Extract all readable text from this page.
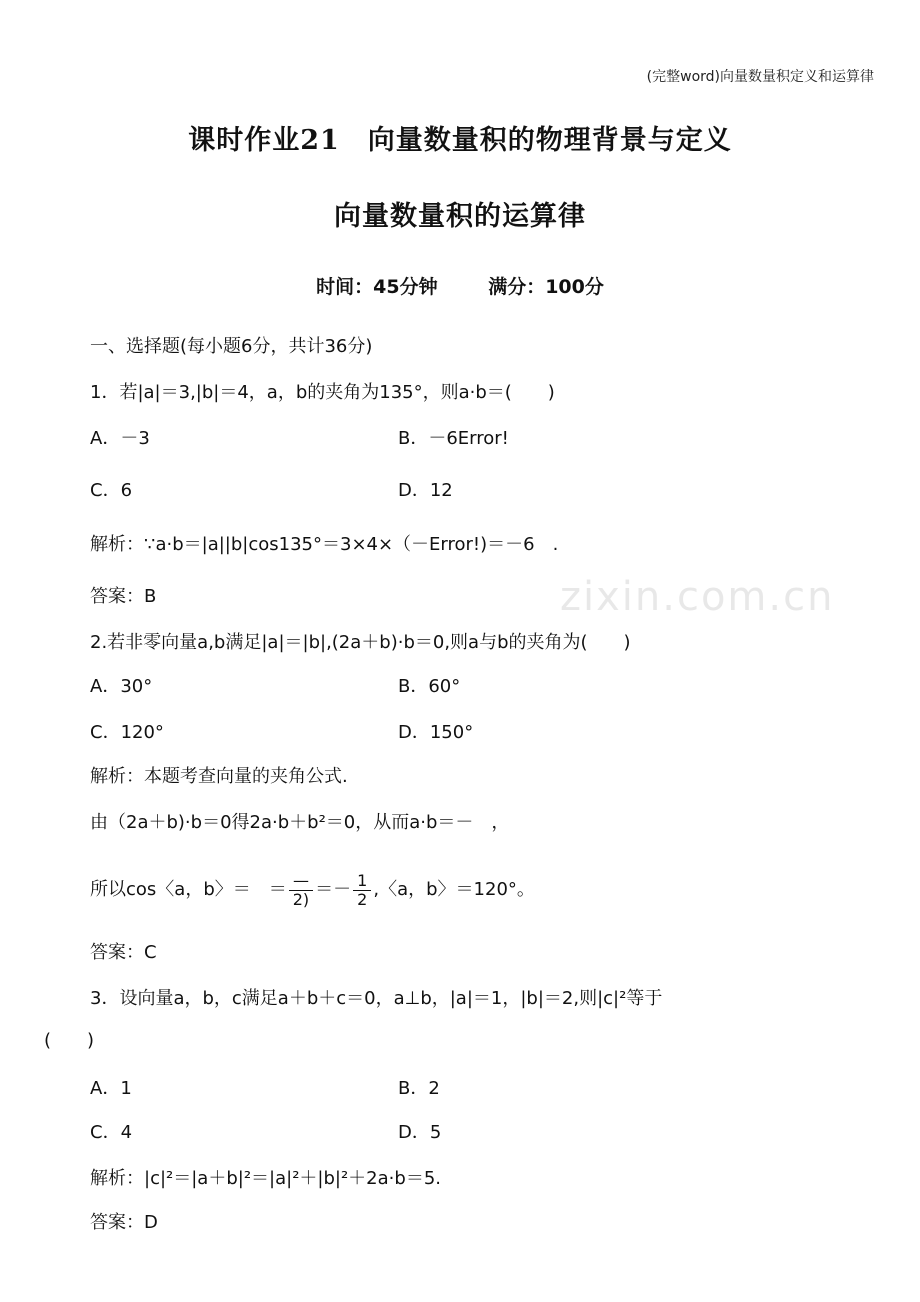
(完整word)向量数量积定义和运算律
课时作业21　向量数量积的物理背景与定义
向量数量积的运算律
时间：45分钟	满分：100分
zixin.com.cn
一、选择题(每小题6分，共计36分)
1．若|a|＝3,|b|＝4，a，b的夹角为135°，则a·b＝(　　)
A．－3	B．－6Error!
C．6	D．12
解析：∵a·b＝|a||b|cos135°＝3×4×（－Error!)＝－6　.
答案：B
2.若非零向量a,b满足|a|＝|b|,(2a＋b)·b＝0,则a与b的夹角为(　　)
A．30°	B．60°
C．120°	D．150°
解析：本题考查向量的夹角公式.
由（2a＋b)·b＝0得2a·b＋b²＝0，从而a·b＝－　，
所以cos〈a，b〉＝　＝ $\frac{—}{2)} =- \frac{1}{2}$ ,〈a，b〉＝120°。
答案：C
3．设向量a，b，c满足a＋b＋c＝0，a⊥b，|a|＝1，|b|＝2,则|c|²等于
(　　)
A．1	B．2
C．4	D．5
解析：|c|²＝|a＋b|²＝|a|²＋|b|²＋2a·b＝5.
答案：D
